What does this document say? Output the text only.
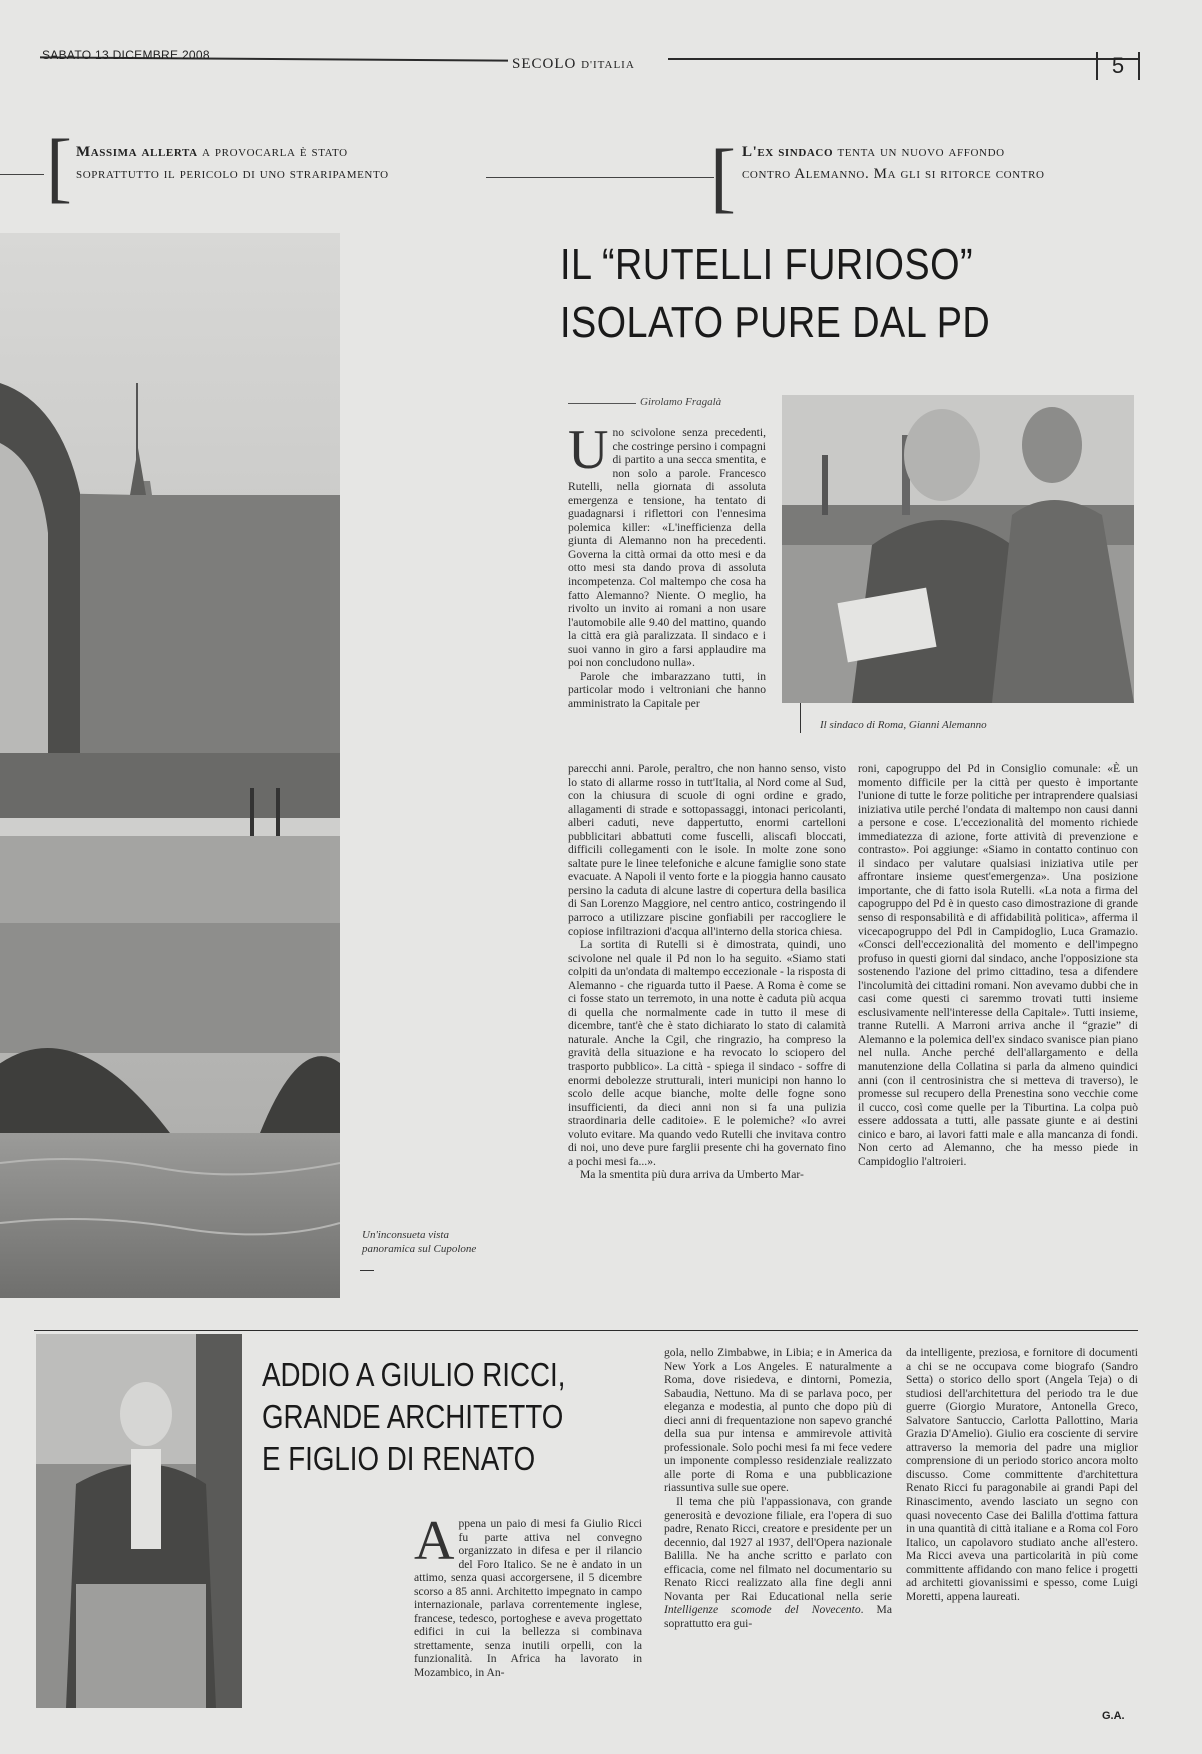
SABATO 13 DICEMBRE 2008
SECOLO D'ITALIA	5
[ Massima allerta a provocarla è stato
soprattutto il pericolo di uno straripamento	[ L'ex sindaco tenta un nuovo affondo
contro Alemanno. Ma gli si ritorce contro
Un'inconsueta vista
panoramica sul Cupolone
IL “RUTELLI FURIOSO”
ISOLATO PURE DAL PD
Girolamo Fragalà

Uno scivolone senza precedenti, che costringe persino i compagni di partito a una secca smentita, e non solo a parole. Francesco Rutelli, nella giornata di assoluta emergenza e tensione, ha tentato di guadagnarsi i riflettori con l'ennesima polemica killer: «L'inefficienza della giunta di Alemanno non ha precedenti. Governa la città ormai da otto mesi e da otto mesi sta dando prova di assoluta incompetenza. Col maltempo che cosa ha fatto Alemanno? Niente. O meglio, ha rivolto un invito ai romani a non usare l'automobile alle 9.40 del mattino, quando la città era già paralizzata. Il sindaco e i suoi vanno in giro a farsi applaudire ma poi non concludono nulla».

Parole che imbarazzano tutti, in particolar modo i veltroniani che hanno amministrato la Capitale per

Il sindaco di Roma, Gianni Alemanno

parecchi anni. Parole, peraltro, che non hanno senso, visto lo stato di allarme rosso in tutt'Italia, al Nord come al Sud, con la chiusura di scuole di ogni ordine e grado, allagamenti di strade e sottopassaggi, intonaci pericolanti, alberi caduti, neve dappertutto, enormi cartelloni pubblicitari abbattuti come fuscelli, aliscafi bloccati, difficili collegamenti con le isole. In molte zone sono saltate pure le linee telefoniche e alcune famiglie sono state evacuate. A Napoli il vento forte e la pioggia hanno causato persino la caduta di alcune lastre di copertura della basilica di San Lorenzo Maggiore, nel centro antico, costringendo il parroco a utilizzare piscine gonfiabili per raccogliere le copiose infiltrazioni d'acqua all'interno della storica chiesa.

La sortita di Rutelli si è dimostrata, quindi, uno scivolone nel quale il Pd non lo ha seguito. «Siamo stati colpiti da un'ondata di maltempo eccezionale - la risposta di Alemanno - che riguarda tutto il Paese. A Roma è come se ci fosse stato un terremoto, in una notte è caduta più acqua di quella che normalmente cade in tutto il mese di dicembre, tant'è che è stato dichiarato lo stato di calamità naturale. Anche la Cgil, che ringrazio, ha compreso la gravità della situazione e ha revocato lo sciopero del trasporto pubblico». La città - spiega il sindaco - soffre di enormi debolezze strutturali, interi municipi non hanno lo scolo delle acque bianche, molte delle fogne sono insufficienti, da dieci anni non si fa una pulizia straordinaria delle caditoie». E le polemiche? «Io avrei voluto evitare. Ma quando vedo Rutelli che invitava contro di noi, uno deve pure farglii presente chi ha governato fino a pochi mesi fa...».

Ma la smentita più dura arriva da Umberto Mar-

roni, capogruppo del Pd in Consiglio comunale: «È un momento difficile per la città per questo è importante l'unione di tutte le forze politiche per intraprendere qualsiasi iniziativa utile perché l'ondata di maltempo non causi danni a persone e cose. L'eccezionalità del momento richiede immediatezza di azione, forte attività di prevenzione e contrasto». Poi aggiunge: «Siamo in contatto continuo con il sindaco per valutare qualsiasi iniziativa utile per affrontare insieme quest'emergenza». Una posizione importante, che di fatto isola Rutelli. «La nota a firma del capogruppo del Pd è in questo caso dimostrazione di grande senso di responsabilità e di affidabilità politica», afferma il vicecapogruppo del Pdl in Campidoglio, Luca Gramazio. «Consci dell'eccezionalità del momento e dell'impegno profuso in questi giorni dal sindaco, anche l'opposizione sta sostenendo l'azione del primo cittadino, tesa a difendere l'incolumità dei cittadini romani. Non avevamo dubbi che in casi come questi ci saremmo trovati tutti insieme esclusivamente nell'interesse della Capitale». Tutti insieme, tranne Rutelli. A Marroni arriva anche il “grazie” di Alemanno e la polemica dell'ex sindaco svanisce pian piano nel nulla. Anche perché dell'allargamento e della manutenzione della Collatina si parla da almeno quindici anni (con il centrosinistra che si metteva di traverso), le promesse sul recupero della Prenestina sono vecchie come il cucco, così come quelle per la Tiburtina. La colpa può essere addossata a tutti, alle passate giunte e ai destini cinico e baro, ai lavori fatti male e alla mancanza di fondi. Non certo ad Alemanno, che ha messo piede in Campidoglio l'altroieri.

ADDIO A GIULIO RICCI,
GRANDE ARCHITETTO
E FIGLIO DI RENATO

Appena un paio di mesi fa Giulio Ricci fu parte attiva nel convegno organizzato in difesa e per il rilancio del Foro Italico. Se ne è andato in un attimo, senza quasi accorgersene, il 5 dicembre scorso a 85 anni. Architetto impegnato in campo internazionale, parlava correntemente inglese, francese, tedesco, portoghese e aveva progettato edifici in cui la bellezza si combinava strettamente, senza inutili orpelli, con la funzionalità. In Africa ha lavorato in Mozambico, in An-

gola, nello Zimbabwe, in Libia; e in America da New York a Los Angeles. E naturalmente a Roma, dove risiedeva, e dintorni, Pomezia, Sabaudia, Nettuno. Ma di se parlava poco, per eleganza e modestia, al punto che dopo più di dieci anni di frequentazione non sapevo granché della sua pur intensa e ammirevole attività professionale. Solo pochi mesi fa mi fece vedere un imponente complesso residenziale realizzato alle porte di Roma e una pubblicazione riassuntiva sulle sue opere.

Il tema che più l'appassionava, con grande generosità e devozione filiale, era l'opera di suo padre, Renato Ricci, creatore e presidente per un decennio, dal 1927 al 1937, dell'Opera nazionale Balilla. Ne ha anche scritto e parlato con efficacia, come nel filmato nel documentario su Renato Ricci realizzato alla fine degli anni Novanta per Rai Educational nella serie Intelligenze scomode del Novecento. Ma soprattutto era gui-

da intelligente, preziosa, e fornitore di documenti a chi se ne occupava come biografo (Sandro Setta) o storico dello sport (Angela Teja) o di studiosi dell'architettura del periodo tra le due guerre (Giorgio Muratore, Antonella Greco, Salvatore Santuccio, Carlotta Pallottino, Maria Grazia D'Amelio). Giulio era cosciente di servire attraverso la memoria del padre una miglior comprensione di un periodo storico ancora molto discusso. Come committente d'architettura Renato Ricci fu paragonabile ai grandi Papi del Rinascimento, avendo lasciato un segno con quasi novecento Case dei Balilla d'ottima fattura in una quantità di città italiane e a Roma col Foro Italico, un capolavoro studiato anche all'estero. Ma Ricci aveva una particolarità in più come committente affidando con mano felice i progetti ad architetti giovanissimi e spesso, come Luigi Moretti, appena laureati.

G.A.
